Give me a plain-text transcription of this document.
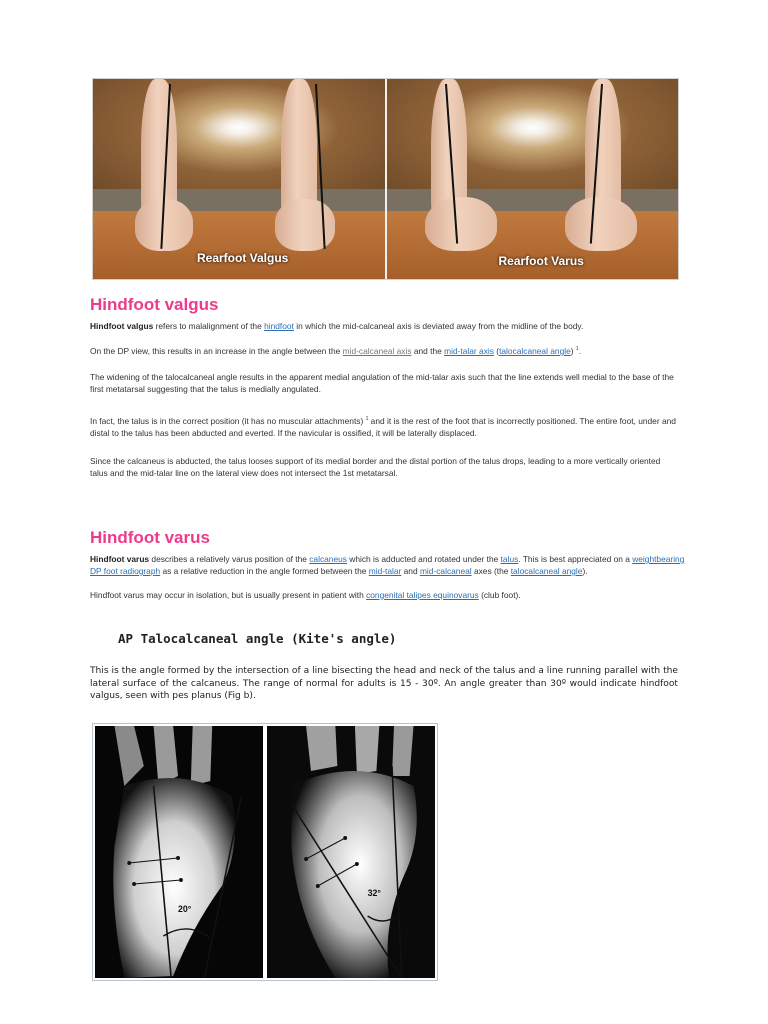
Rearfoot Valgus	Rearfoot Varus
Hindfoot valgus

Hindfoot valgus refers to malalignment of the hindfoot in which the mid-calcaneal axis is deviated away from the midline of the body.

On the DP view, this results in an increase in the angle between the mid-calcaneal axis and the mid-talar axis (talocalcaneal angle) $^1$.

The widening of the talocalcaneal angle results in the apparent medial angulation of the mid-talar axis such that the line extends well medial to the base of the first metatarsal suggesting that the talus is medially angulated.

In fact, the talus is in the correct position (it has no muscular attachments) $^1$ and it is the rest of the foot that is incorrectly positioned. The entire foot, under and distal to the talus has been abducted and everted. If the navicular is ossified, it will be laterally displaced.

Since the calcaneus is abducted, the talus looses support of its medial border and the distal portion of the talus drops, leading to a more vertically oriented talus and the mid-talar line on the lateral view does not intersect the 1st metatarsal.

Hindfoot varus

Hindfoot varus describes a relatively varus position of the calcaneus which is adducted and rotated under the talus. This is best appreciated on a weightbearing DP foot radiograph as a relative reduction in the angle formed between the mid-talar and mid-calcaneal axes (the talocalcaneal angle).

Hindfoot varus may occur in isolation, but is usually present in patient with congenital talipes equinovarus (club foot).

AP Talocalcaneal angle (Kite's angle)

This is the angle formed by the intersection of a line bisecting the head and neck of the talus and a line running parallel with the lateral surface of the calcaneus. The range of normal for adults is 15 - 30º. An angle greater than 30º would indicate hindfoot valgus, seen with pes planus (Fig b).

20°
32°
